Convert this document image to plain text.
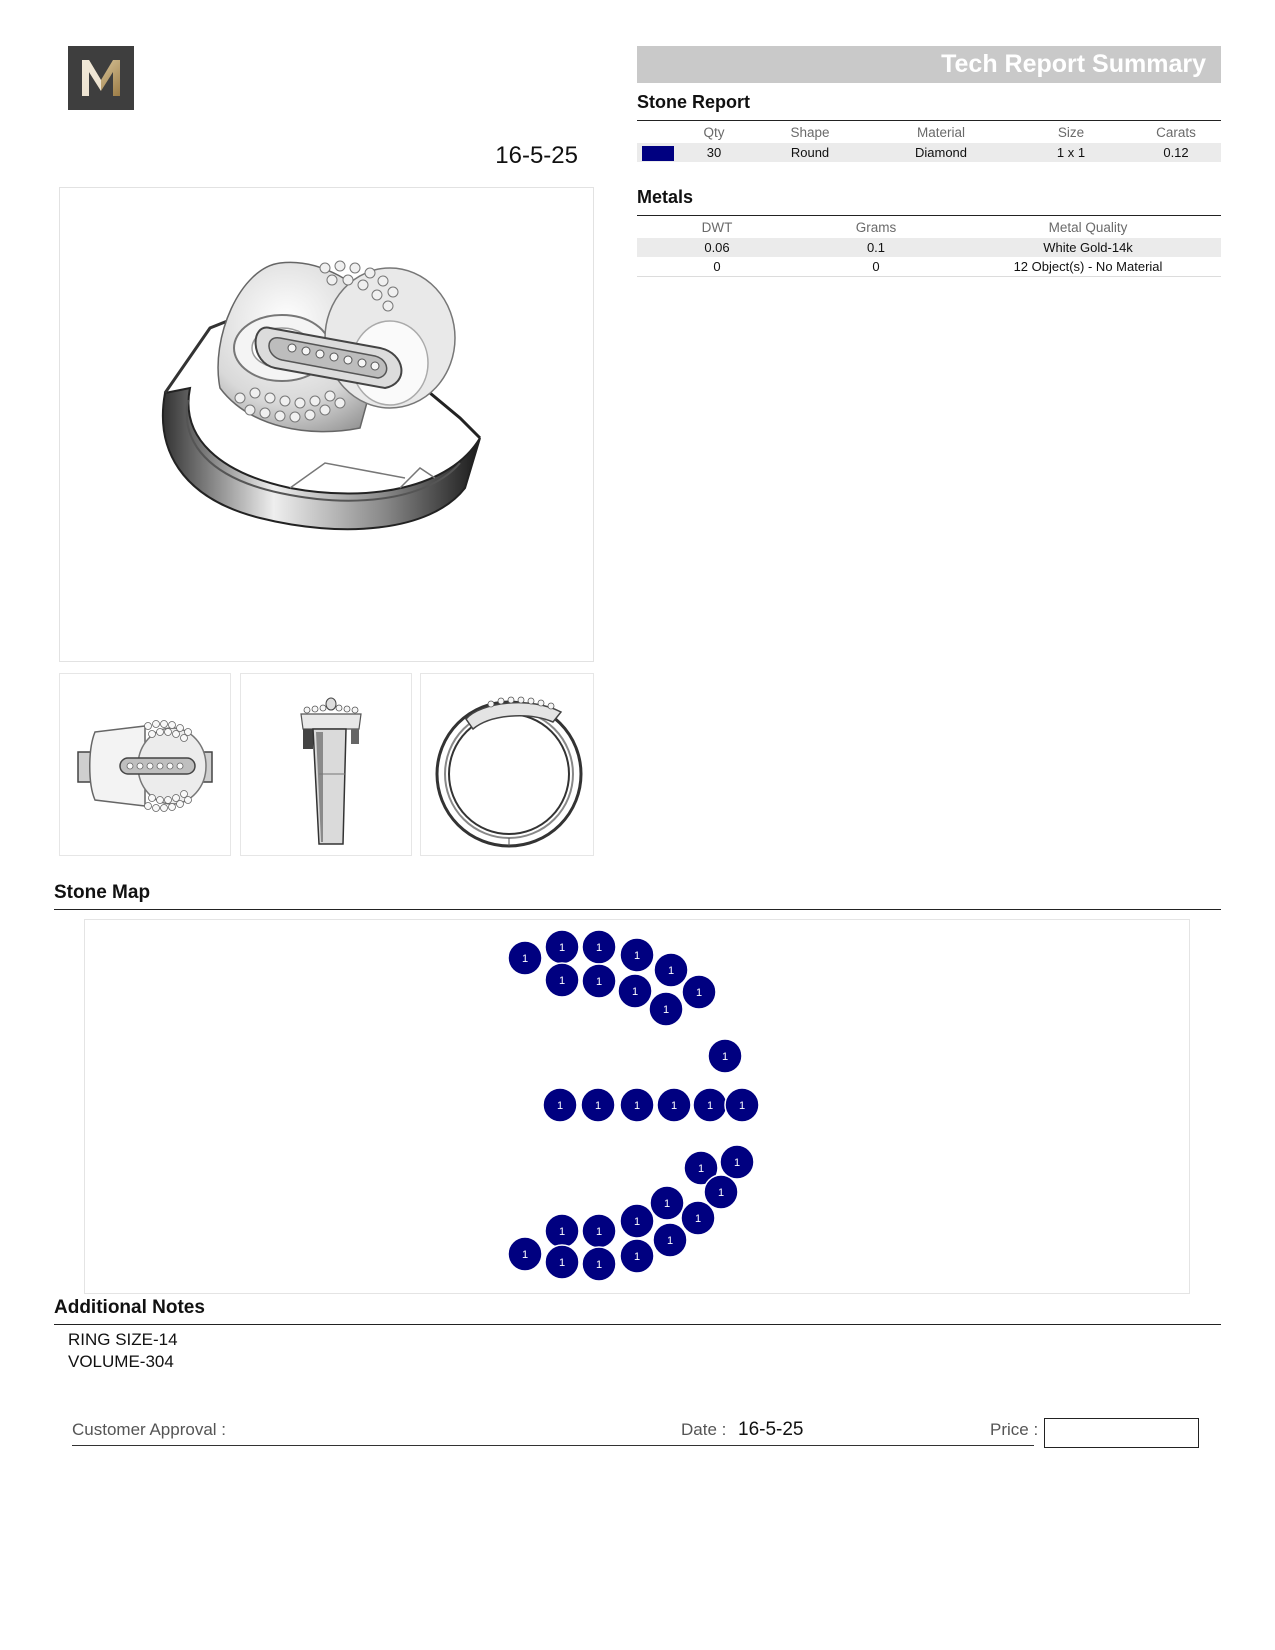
16-5-25
Tech Report Summary
Stone Report
	Qty	Shape	Material	Size	Carats
	30	Round	Diamond	1 x 1	0.12
Metals
DWT	Grams	Metal Quality
0.06	0.1	White Gold-14k
0	0	12 Object(s) - No Material
Stone Map
1
1	1
1
1
1
1	1
1
1
1
1	1	1	1	1 1
1
1
1
1
1
1
1
1
1
1
1	1
1
Additional Notes
RING SIZE-14
VOLUME-304
Customer Approval :	Date : 16-5-25	Price :
